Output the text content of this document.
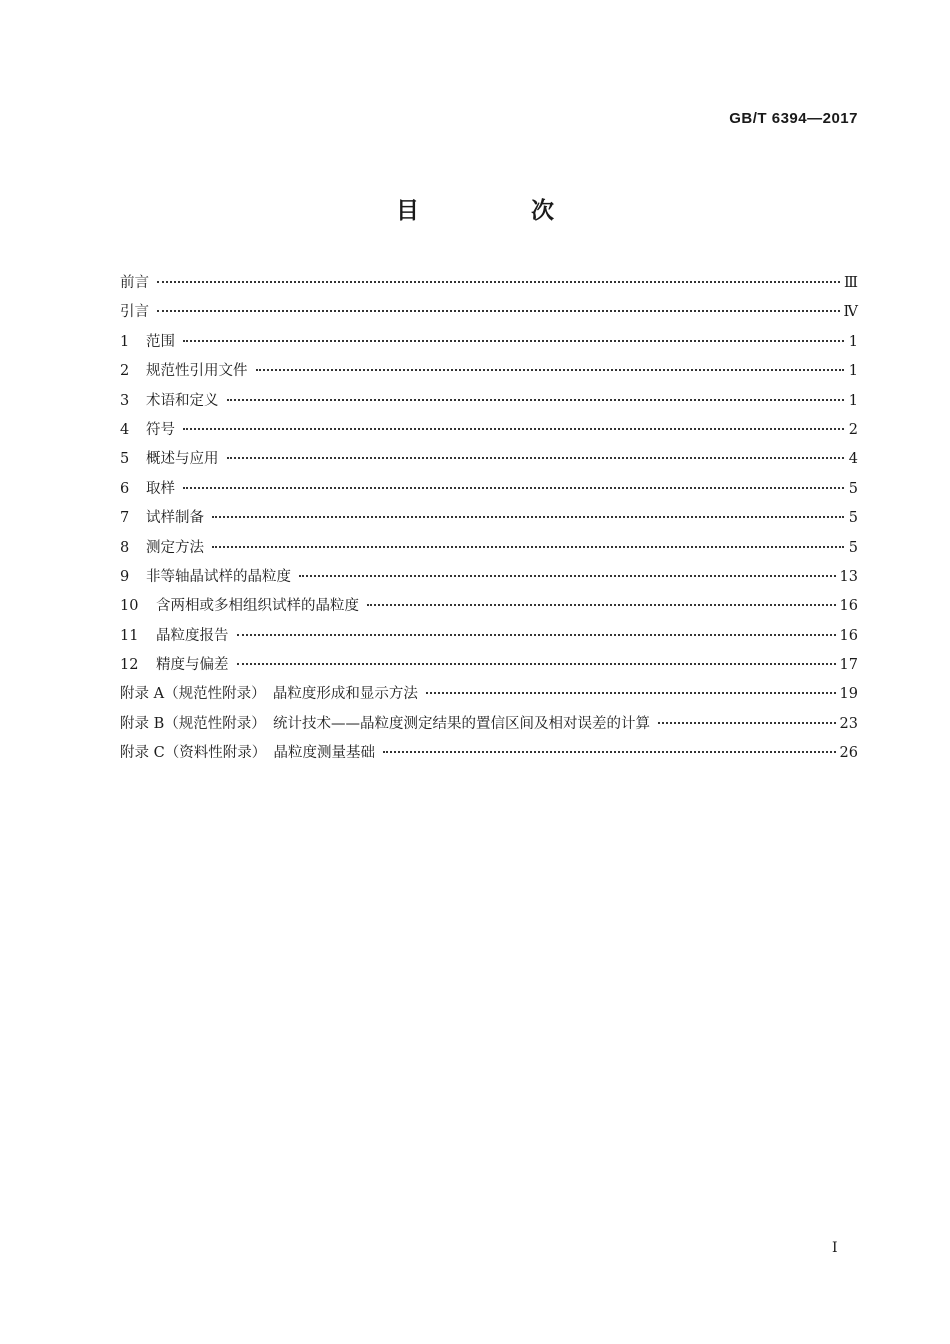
GB/T 6394—2017
目 次
前言	Ⅲ
引言	Ⅳ
1 范围	1
2 规范性引用文件	1
3 术语和定义	1
4 符号	2
5 概述与应用	4
6 取样	5
7 试样制备	5
8 测定方法	5
9 非等轴晶试样的晶粒度	13
10 含两相或多相组织试样的晶粒度	16
11 晶粒度报告	16
12 精度与偏差	17
附录 A（规范性附录）　晶粒度形成和显示方法	19
附录 B（规范性附录）　统计技术——晶粒度测定结果的置信区间及相对误差的计算	23
附录 C（资料性附录）　晶粒度测量基础	26
I
